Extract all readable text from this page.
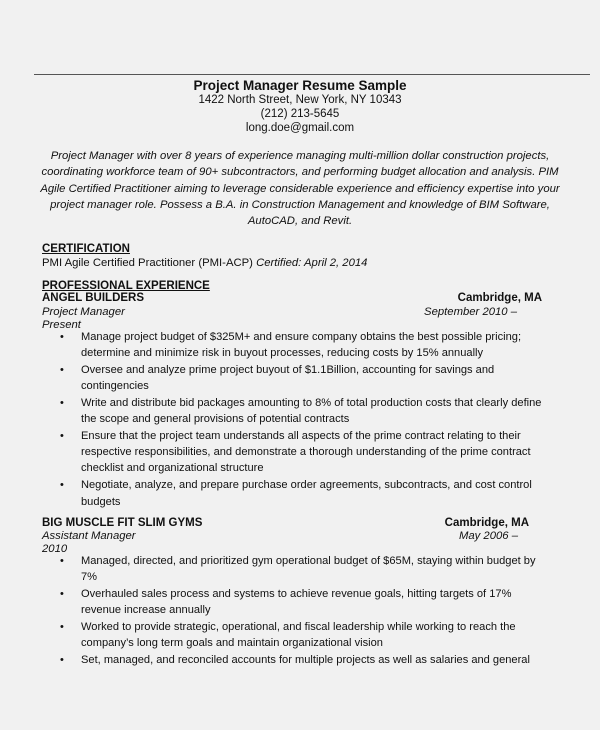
Project Manager Resume Sample
1422 North Street, New York, NY 10343
(212) 213-5645
long.doe@gmail.com
Project Manager with over 8 years of experience managing multi-million dollar construction projects,
coordinating workforce team of 90+ subcontractors, and performing budget allocation and analysis. PIM
Agile Certified Practitioner aiming to leverage considerable experience and efficiency expertise into your
project manager role. Possess a B.A. in Construction Management and knowledge of BIM Software,
AutoCAD, and Revit.
CERTIFICATION
PMI Agile Certified Practitioner (PMI-ACP) Certified: April 2, 2014
PROFESSIONAL EXPERIENCE
ANGEL BUILDERS	Cambridge, MA
Project Manager	September 2010 –
Present
• Manage project budget of $325M+ and ensure company obtains the best possible pricing; determine and minimize risk in buyout processes, reducing costs by 15% annually
• Oversee and analyze prime project buyout of $1.1Billion, accounting for savings and contingencies
• Write and distribute bid packages amounting to 8% of total production costs that clearly define the scope and general provisions of potential contracts
• Ensure that the project team understands all aspects of the prime contract relating to their respective responsibilities, and demonstrate a thorough understanding of the prime contract checklist and organizational structure
• Negotiate, analyze, and prepare purchase order agreements, subcontracts, and cost control budgets
BIG MUSCLE FIT SLIM GYMS	Cambridge, MA
Assistant Manager	May 2006 –
2010
• Managed, directed, and prioritized gym operational budget of $65M, staying within budget by 7%
• Overhauled sales process and systems to achieve revenue goals, hitting targets of 17% revenue increase annually
• Worked to provide strategic, operational, and fiscal leadership while working to reach the company’s long term goals and maintain organizational vision
• Set, managed, and reconciled accounts for multiple projects as well as salaries and general
